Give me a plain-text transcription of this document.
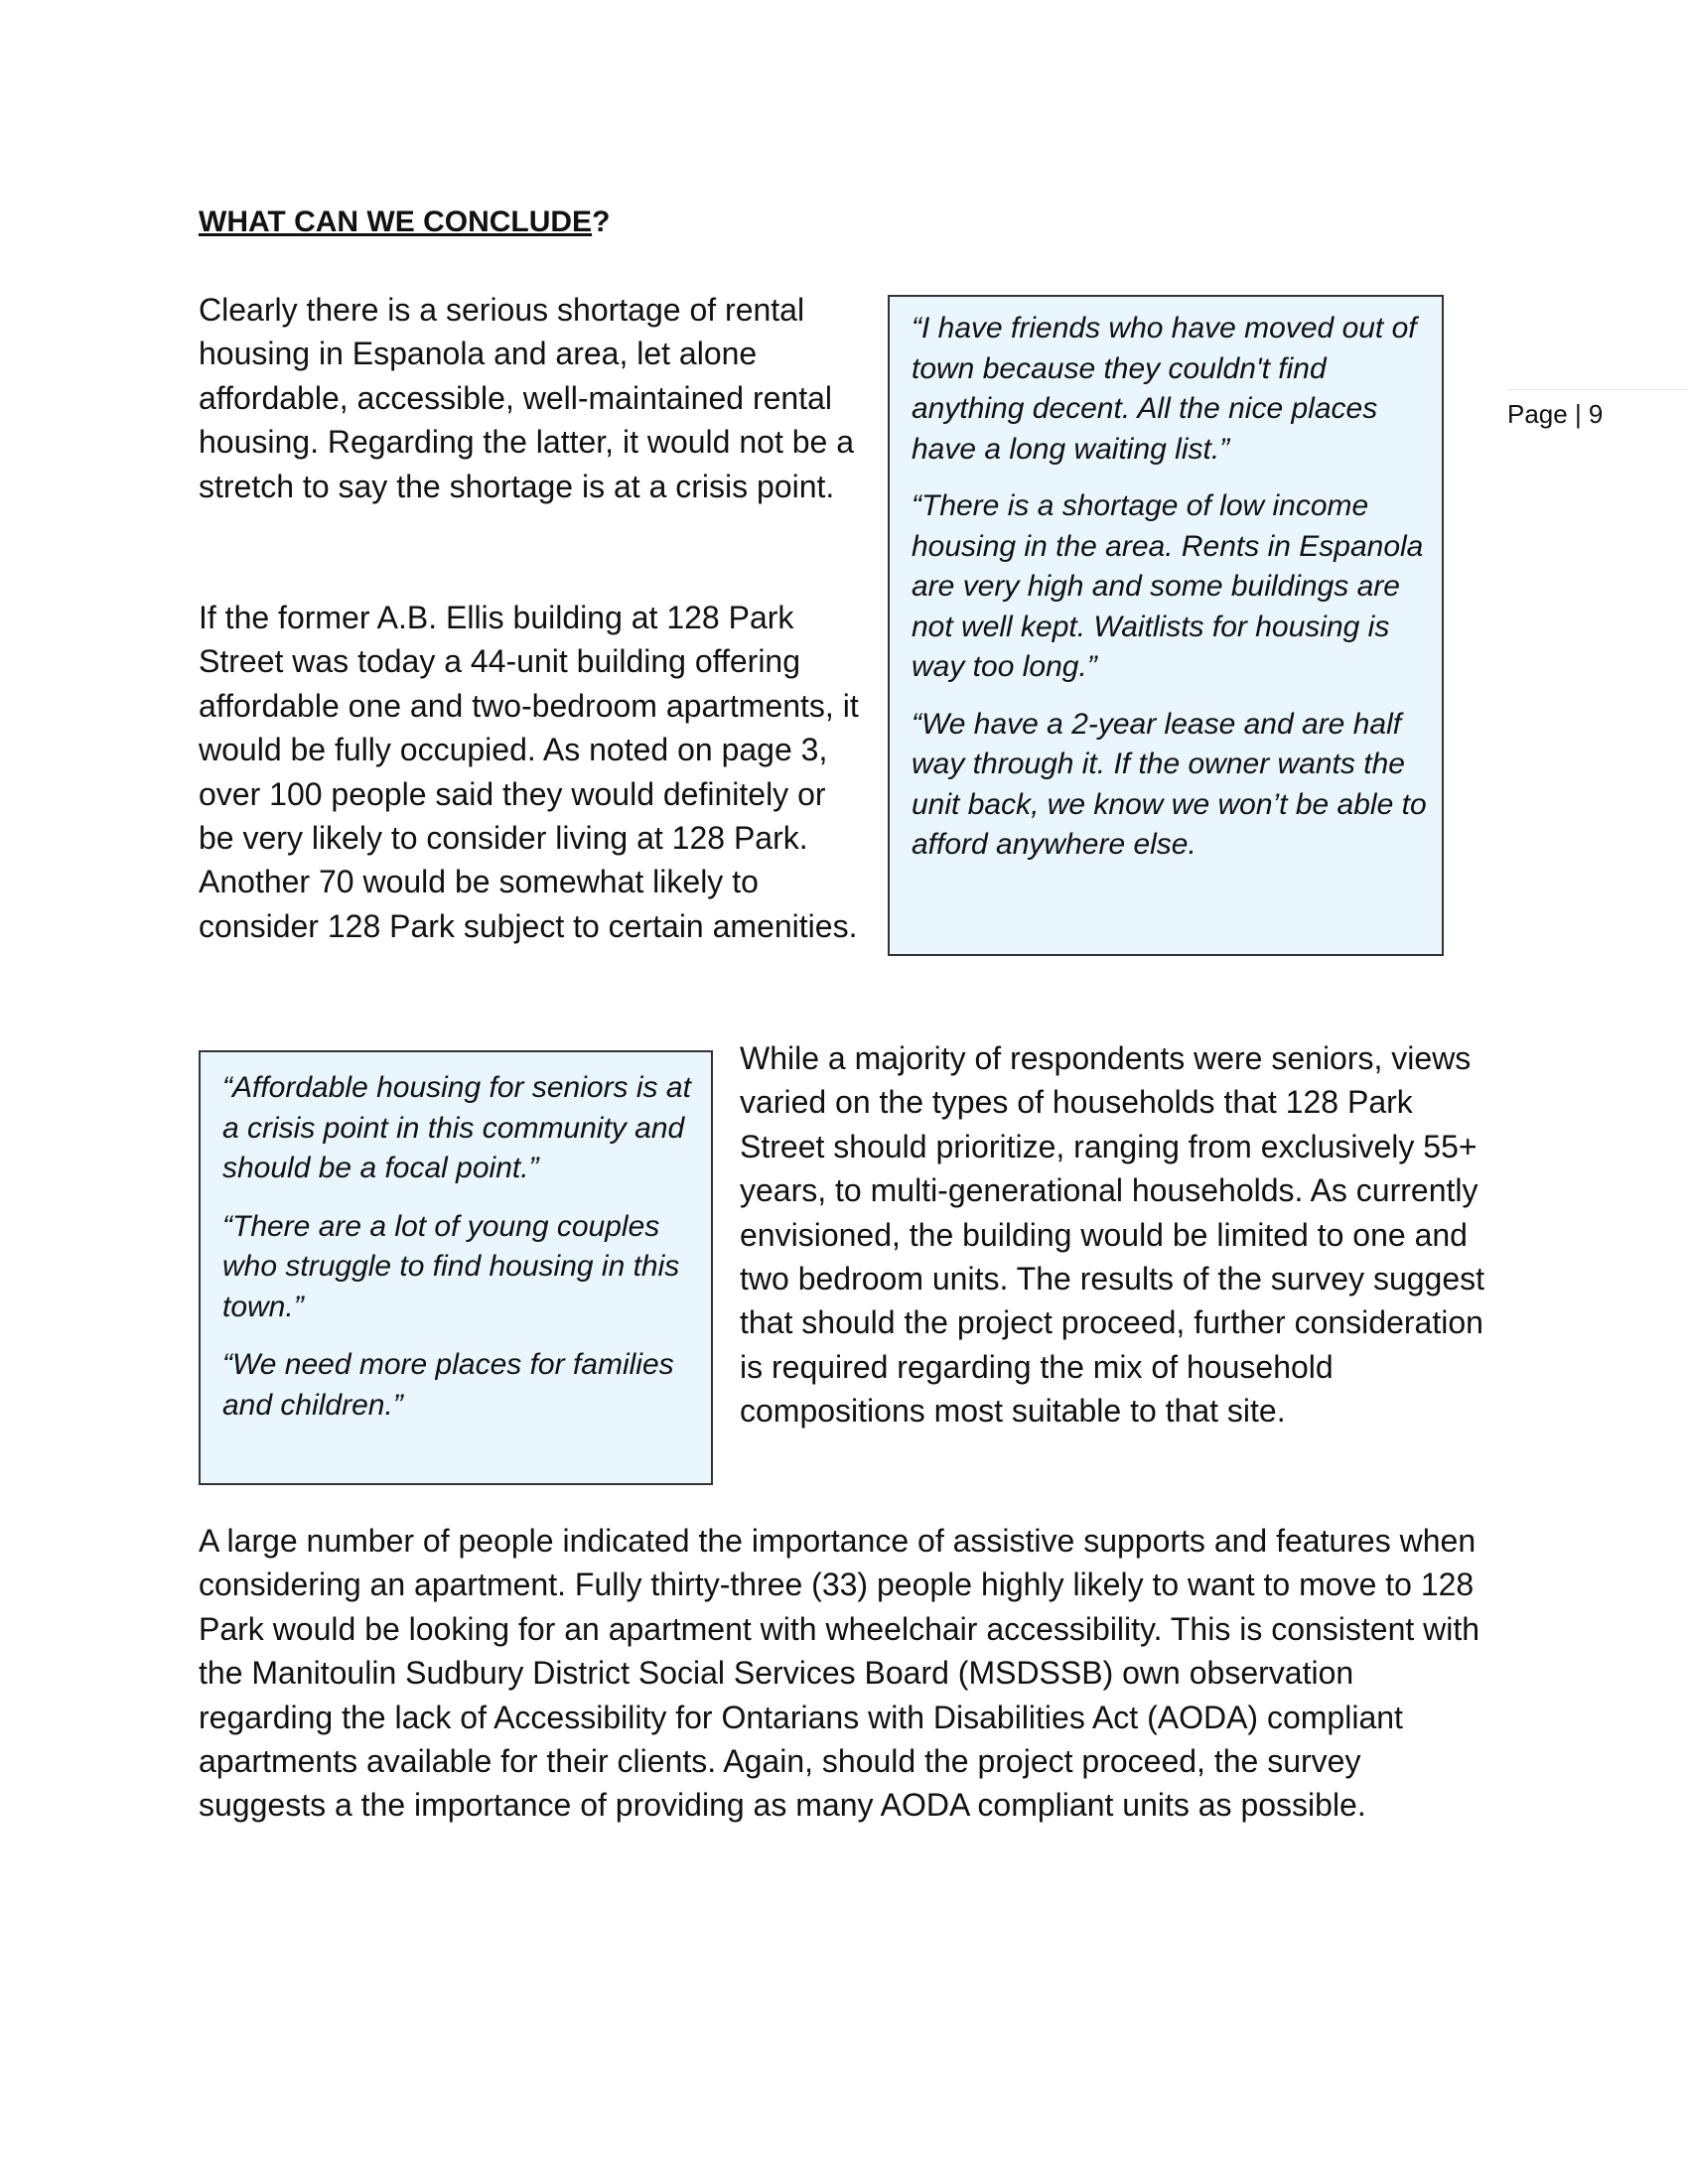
Page | 9
WHAT CAN WE CONCLUDE?

Clearly there is a serious shortage of rental housing in Espanola and area, let alone affordable, accessible, well-maintained rental housing. Regarding the latter, it would not be a stretch to say the shortage is at a crisis point.

If the former A.B. Ellis building at 128 Park Street was today a 44-unit building offering affordable one and two-bedroom apartments, it would be fully occupied. As noted on page 3, over 100 people said they would definitely or be very likely to consider living at 128 Park. Another 70 would be somewhat likely to consider 128 Park subject to certain amenities.

“I have friends who have moved out of town because they couldn't find anything decent. All the nice places have a long waiting list.”

“There is a shortage of low income housing in the area. Rents in Espanola are very high and some buildings are not well kept. Waitlists for housing is way too long.”

“We have a 2-year lease and are half way through it. If the owner wants the unit back, we know we won’t be able to afford anywhere else.

“Affordable housing for seniors is at a crisis point in this community and should be a focal point.”

“There are a lot of young couples who struggle to find housing in this town.”

“We need more places for families and children.”

While a majority of respondents were seniors, views varied on the types of households that 128 Park Street should prioritize, ranging from exclusively 55+ years, to multi-generational households. As currently envisioned, the building would be limited to one and two bedroom units. The results of the survey suggest that should the project proceed, further consideration is required regarding the mix of household compositions most suitable to that site.

A large number of people indicated the importance of assistive supports and features when considering an apartment. Fully thirty-three (33) people highly likely to want to move to 128 Park would be looking for an apartment with wheelchair accessibility. This is consistent with the Manitoulin Sudbury District Social Services Board (MSDSSB) own observation regarding the lack of Accessibility for Ontarians with Disabilities Act (AODA) compliant apartments available for their clients. Again, should the project proceed, the survey suggests a the importance of providing as many AODA compliant units as possible.
